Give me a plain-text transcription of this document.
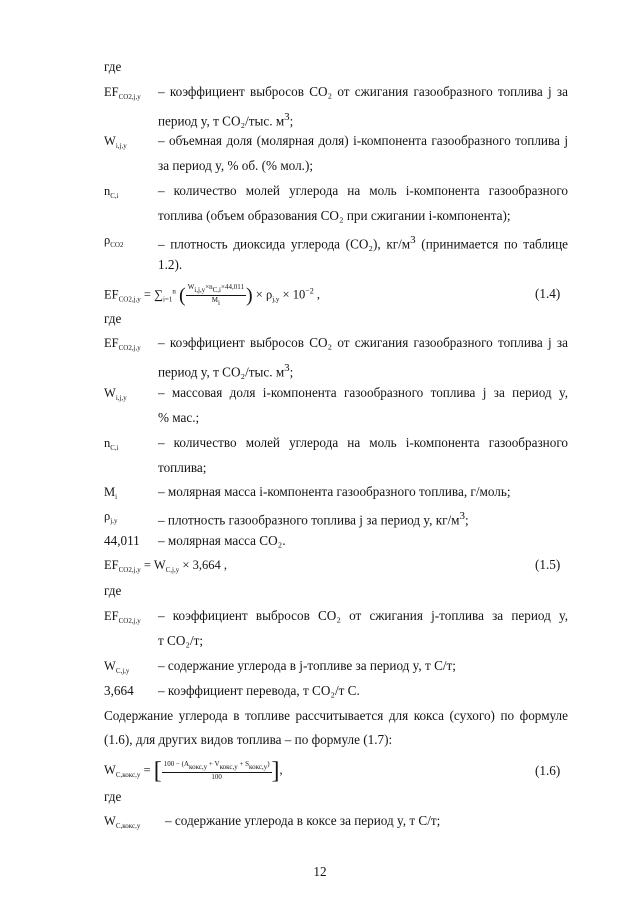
где
$EF_{CO2,j,y}$ – коэффициент выбросов CO₂ от сжигания газообразного топлива j за
период y, т CO₂/тыс. $м^3$;
$W_{i,j,y}$ – объемная доля (молярная доля) i-компонента газообразного топлива j
за период y, % об. (% мол.);
$n_{C,i}$	– количество молей углерода на моль i-компонента газообразного
топлива (объем образования CO₂ при сжигании i-компонента);
$\rho_{CO2}$	– плотность диоксида углерода (CO₂), $кг/м^3$ (принимается по таблице
1.2).
$EF_{CO2,j,y} = \sum_{i=1}^n$ ( $\frac{W_{i,j,y}\times n_{C,i}\times 44,011}{M_i}$ ) × $\rho_{j,y} \times 10^{-2}$ ,	(1.4)
где
$EF_{CO2,j,y}$ – коэффициент выбросов CO₂ от сжигания газообразного топлива j за
период y, т CO₂/тыс. $м^3$;
$W_{i,j,y}$ – массовая доля i-компонента газообразного топлива j за период y,
% мас.;
$n_{C,i}$	– количество молей углерода на моль i-компонента газообразного
топлива;
$M_i$	– молярная масса i-компонента газообразного топлива, г/моль;
$\rho_{j,y}$	– плотность газообразного топлива j за период y, $кг/м^3$;
44,011 – молярная масса CO₂.
$EF_{CO2,j,y} = W_{C,j,y} \times 3,664$ ,	(1.5)
где
$EF_{CO2,j,y}$ – коэффициент выбросов CO₂ от сжигания j-топлива за период y,
т CO₂/т;
$W_{C,j,y}$ – содержание углерода в j-топливе за период y, т С/т;
3,664 – коэффициент перевода, т CO₂/т С.
Содержание углерода в топливе рассчитывается для кокса (сухого) по формуле
(1.6), для других видов топлива – по формуле (1.7):
$W_{C,кокс,y}$ = [ $\frac{100 - (A_{кокс,y} + V_{кокс,y} + S_{кокс,y})}{100}$ ],	(1.6)
где
$W_{C,кокс,y}$ – содержание углерода в коксе за период y, т С/т;
12
